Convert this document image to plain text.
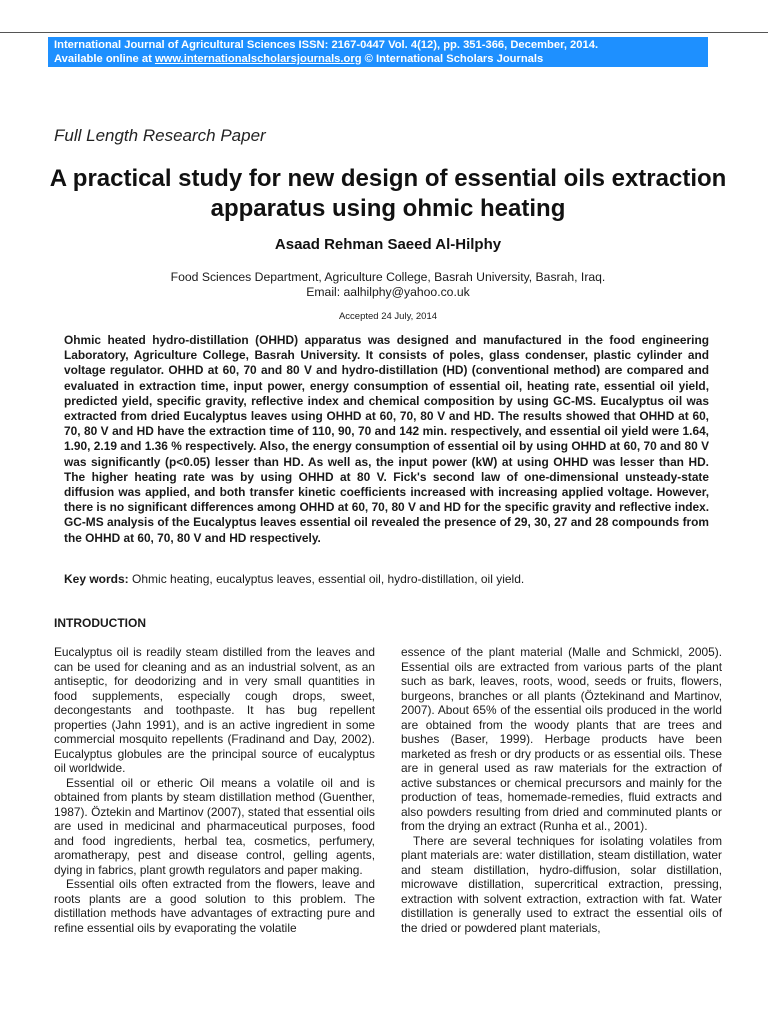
International Journal of Agricultural Sciences ISSN: 2167-0447 Vol. 4(12), pp. 351-366, December, 2014.
Available online at www.internationalscholarsjournals.org © International Scholars Journals
Full Length Research Paper
A practical study for new design of essential oils extraction apparatus using ohmic heating
Asaad Rehman Saeed Al-Hilphy
Food Sciences Department, Agriculture College, Basrah University, Basrah, Iraq.
Email: aalhilphy@yahoo.co.uk
Accepted 24 July, 2014

Ohmic heated hydro-distillation (OHHD) apparatus was designed and manufactured in the food engineering Laboratory, Agriculture College, Basrah University. It consists of poles, glass condenser, plastic cylinder and voltage regulator. OHHD at 60, 70 and 80 V and hydro-distillation (HD) (conventional method) are compared and evaluated in extraction time, input power, energy consumption of essential oil, heating rate, essential oil yield, predicted yield, specific gravity, reflective index and chemical composition by using GC-MS. Eucalyptus oil was extracted from dried Eucalyptus leaves using OHHD at 60, 70, 80 V and HD. The results showed that OHHD at 60, 70, 80 V and HD have the extraction time of 110, 90, 70 and 142 min. respectively, and essential oil yield were 1.64, 1.90, 2.19 and 1.36 % respectively. Also, the energy consumption of essential oil by using OHHD at 60, 70 and 80 V was significantly (p<0.05) lesser than HD. As well as, the input power (kW) at using OHHD was lesser than HD. The higher heating rate was by using OHHD at 80 V. Fick's second law of one-dimensional unsteady-state diffusion was applied, and both transfer kinetic coefficients increased with increasing applied voltage. However, there is no significant differences among OHHD at 60, 70, 80 V and HD for the specific gravity and reflective index. GC-MS analysis of the Eucalyptus leaves essential oil revealed the presence of 29, 30, 27 and 28 compounds from the OHHD at 60, 70, 80 V and HD respectively.

Key words: Ohmic heating, eucalyptus leaves, essential oil, hydro-distillation, oil yield.
INTRODUCTION

Eucalyptus oil is readily steam distilled from the leaves and can be used for cleaning and as an industrial solvent, as an antiseptic, for deodorizing and in very small quantities in food supplements, especially cough drops, sweet, decongestants and toothpaste. It has bug repellent properties (Jahn 1991), and is an active ingredient in some commercial mosquito repellents (Fradinand and Day, 2002). Eucalyptus globules are the principal source of eucalyptus oil worldwide.

Essential oil or etheric Oil means a volatile oil and is obtained from plants by steam distillation method (Guenther, 1987). Öztekin and Martinov (2007), stated that essential oils are used in medicinal and pharmaceutical purposes, food and food ingredients, herbal tea, cosmetics, perfumery, aromatherapy, pest and disease control, gelling agents, dying in fabrics, plant growth regulators and paper making.

Essential oils often extracted from the flowers, leave and roots plants are a good solution to this problem. The distillation methods have advantages of extracting pure and refine essential oils by evaporating the volatile

essence of the plant material (Malle and Schmickl, 2005). Essential oils are extracted from various parts of the plant such as bark, leaves, roots, wood, seeds or fruits, flowers, burgeons, branches or all plants (Öztekinand and Martinov, 2007). About 65% of the essential oils produced in the world are obtained from the woody plants that are trees and bushes (Baser, 1999). Herbage products have been marketed as fresh or dry products or as essential oils. These are in general used as raw materials for the extraction of active substances or chemical precursors and mainly for the production of teas, homemade-remedies, fluid extracts and also powders resulting from dried and comminuted plants or from the drying an extract (Runha et al., 2001).

There are several techniques for isolating volatiles from plant materials are: water distillation, steam distillation, water and steam distillation, hydro-diffusion, solar distillation, microwave distillation, supercritical extraction, pressing, extraction with solvent extraction, extraction with fat. Water distillation is generally used to extract the essential oils of the dried or powdered plant materials,
